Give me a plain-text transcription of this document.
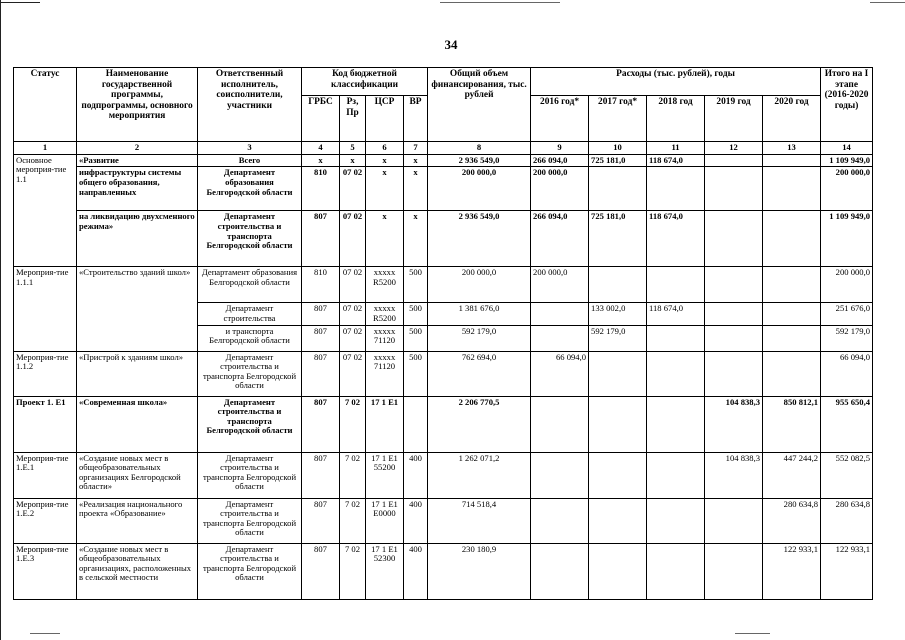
34
Статус	Наименование государственной программы, подпрограммы, основного мероприятия	Ответственный исполнитель, соисполнители, участники	Код бюджетной классификации				Общий объем финансирования, тыс. рублей	Расходы (тыс. рублей), годы					Итого на I этапе (2016-2020 годы)
			ГРБС	Рз, Пр	ЦСР	ВР		2016 год*	2017 год*	2018 год	2019 год	2020 год	
1	2	3	4	5	6	7	8	9	10	11	12	13	14
Основное мероприя-тие 1.1	«Развитие	Всего	x	x	x	x	2 936 549,0	266 094,0	725 181,0	118 674,0			1 109 949,0
	инфраструктуры системы общего образования, направленных	Департамент образования Белгородской области	810	07 02	x	x	200 000,0	200 000,0					200 000,0
	на ликвидацию двухсменного режима»	Департамент строительства и транспорта Белгородской области	807	07 02	x	x	2 936 549,0	266 094,0	725 181,0	118 674,0			1 109 949,0
Мероприя-тие 1.1.1	«Строительство зданий школ»	Департамент образования Белгородской области	810	07 02	xxxxx R5200	500	200 000,0	200 000,0					200 000,0
		Департамент строительства	807	07 02	xxxxx R5200	500	1 381 676,0		133 002,0	118 674,0			251 676,0
		и транспорта Белгородской области	807	07 02	xxxxx 71120	500	592 179,0		592 179,0				592 179,0
Мероприя-тие 1.1.2	«Пристрой к зданиям школ»	Департамент строительства и транспорта Белгородской области	807	07 02	xxxxx 71120	500	762 694,0	66 094,0					66 094,0
Проект 1. Е1	«Современная школа»	Департамент строительства и транспорта Белгородской области	807	7 02	17 1 Е1		2 206 770,5				104 838,3	850 812,1	955 650,4
Мероприя-тие 1.Е.1	«Создание новых мест в общеобразовательных организациях Белгородской области»	Департамент строительства и транспорта Белгородской области	807	7 02	17 1 Е1 55200	400	1 262 071,2				104 838,3	447 244,2	552 082,5
Мероприя-тие 1.Е.2	«Реализация национального проекта «Образование»	Департамент строительства и транспорта Белгородской области	807	7 02	17 1 Е1 Е0000	400	714 518,4					280 634,8	280 634,8
Мероприя-тие 1.Е.3	«Создание новых мест в общеобразовательных организациях, расположенных в сельской местности	Департамент строительства и транспорта Белгородской области	807	7 02	17 1 Е1 52300	400	230 180,9					122 933,1	122 933,1
